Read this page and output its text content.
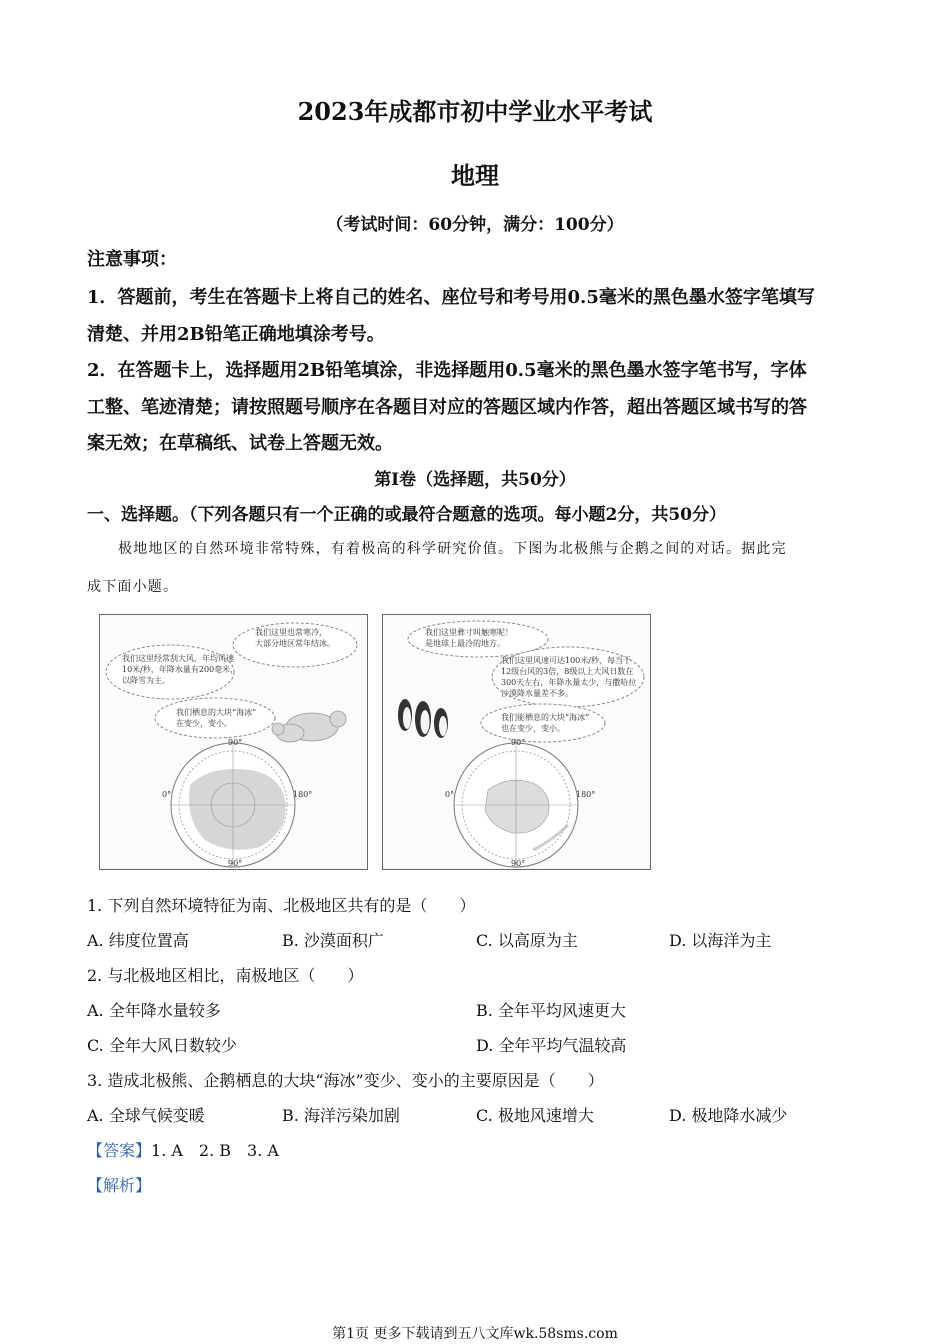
2023年成都市初中学业水平考试
地理
（考试时间：60分钟，满分：100分）
注意事项：
1．答题前，考生在答题卡上将自己的姓名、座位号和考号用0.5毫米的黑色墨水签字笔填写
清楚、并用2B铅笔正确地填涂考号。
2．在答题卡上，选择题用2B铅笔填涂，非选择题用0.5毫米的黑色墨水签字笔书写，字体
工整、笔迹清楚；请按照题号顺序在各题目对应的答题区域内作答，超出答题区域书写的答
案无效；在草稿纸、试卷上答题无效。
第Ⅰ卷（选择题，共50分）
一、选择题。（下列各题只有一个正确的或最符合题意的选项。每小题2分，共50分）
极地地区的自然环境非常特殊，有着极高的科学研究价值。下图为北极熊与企鹅之间的对话。据此完
成下面小题。
我们这里也常寒冷，
大部分地区常年结冰。
我们这里经常刮大风，年均风速
10米/秒，年降水量有200毫米，
以降雪为主。
我们栖息的大块“海冰”
在变少，变小。
90°
0°	180°
90°
我们这里彝寸叫触寒呢！
是地球上最冷的地方。
我们这里风速可达100米/秒，每当于
12级台风的3倍，8级以上大风日数在
300天左右，年降水量太少，与撒哈拉
沙漠降水量差不多。
我们能栖息的大块“海冰”
也在变少，变小。
90°
0°	180°
90°
1. 下列自然环境特征为南、北极地区共有的是（　　）
A. 纬度位置高	B. 沙漠面积广	C. 以高原为主	D. 以海洋为主
2. 与北极地区相比，南极地区（　　）
A. 全年降水量较多	B. 全年平均风速更大
C. 全年大风日数较少	D. 全年平均气温较高
3. 造成北极熊、企鹅栖息的大块“海冰”变少、变小的主要原因是（　　）
A. 全球气候变暖	B. 海洋污染加剧	C. 极地风速增大	D. 极地降水减少
【答案】1. A　2. B　3. A
【解析】
第1页 更多下载请到五八文库wk.58sms.com
